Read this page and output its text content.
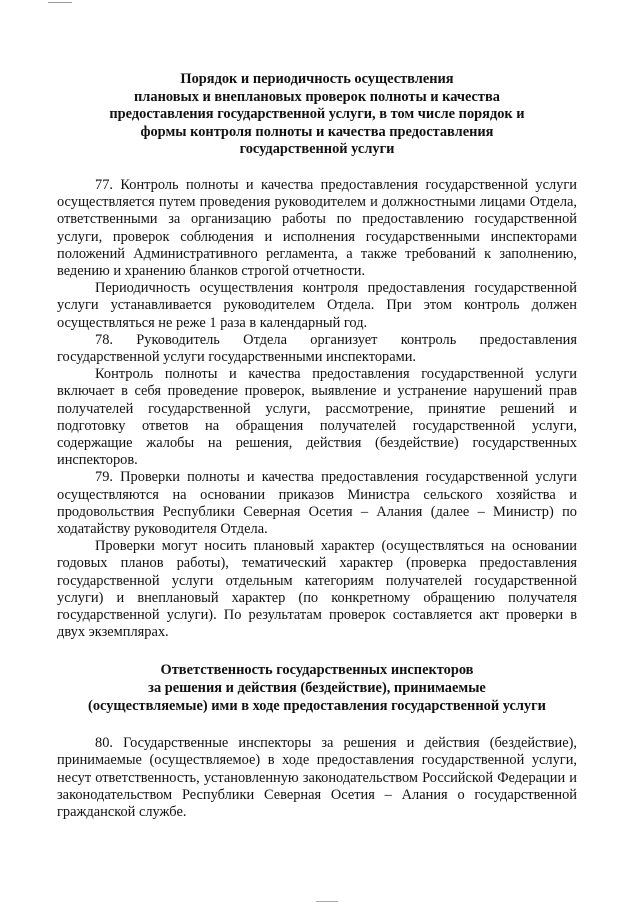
Порядок и периодичность осуществления
плановых и внеплановых проверок полноты и качества
предоставления государственной услуги, в том числе порядок и
формы контроля полноты и качества предоставления
государственной услуги

77. Контроль полноты и качества предоставления государственной услуги осуществляется путем проведения руководителем и должностными лицами Отдела, ответственными за организацию работы по предоставлению государственной услуги, проверок соблюдения и исполнения государственными инспекторами положений Административного регламента, а также требований к заполнению, ведению и хранению бланков строгой отчетности.

Периодичность осуществления контроля предоставления государственной услуги устанавливается руководителем Отдела. При этом контроль должен осуществляться не реже 1 раза в календарный год.

78. Руководитель Отдела организует контроль предоставления государственной услуги государственными инспекторами.

Контроль полноты и качества предоставления государственной услуги включает в себя проведение проверок, выявление и устранение нарушений прав получателей государственной услуги, рассмотрение, принятие решений и подготовку ответов на обращения получателей государственной услуги, содержащие жалобы на решения, действия (бездействие) государственных инспекторов.

79. Проверки полноты и качества предоставления государственной услуги осуществляются на основании приказов Министра сельского хозяйства и продовольствия Республики Северная Осетия – Алания (далее – Министр) по ходатайству руководителя Отдела.

Проверки могут носить плановый характер (осуществляться на основании годовых планов работы), тематический характер (проверка предоставления государственной услуги отдельным категориям получателей государственной услуги) и внеплановый характер (по конкретному обращению получателя государственной услуги). По результатам проверок составляется акт проверки в двух экземплярах.

Ответственность государственных инспекторов
за решения и действия (бездействие), принимаемые
(осуществляемые) ими в ходе предоставления государственной услуги

80. Государственные инспекторы за решения и действия (бездействие), принимаемые (осуществляемое) в ходе предоставления государственной услуги, несут ответственность, установленную законодательством Российской Федерации и законодательством Республики Северная Осетия – Алания о государственной гражданской службе.
